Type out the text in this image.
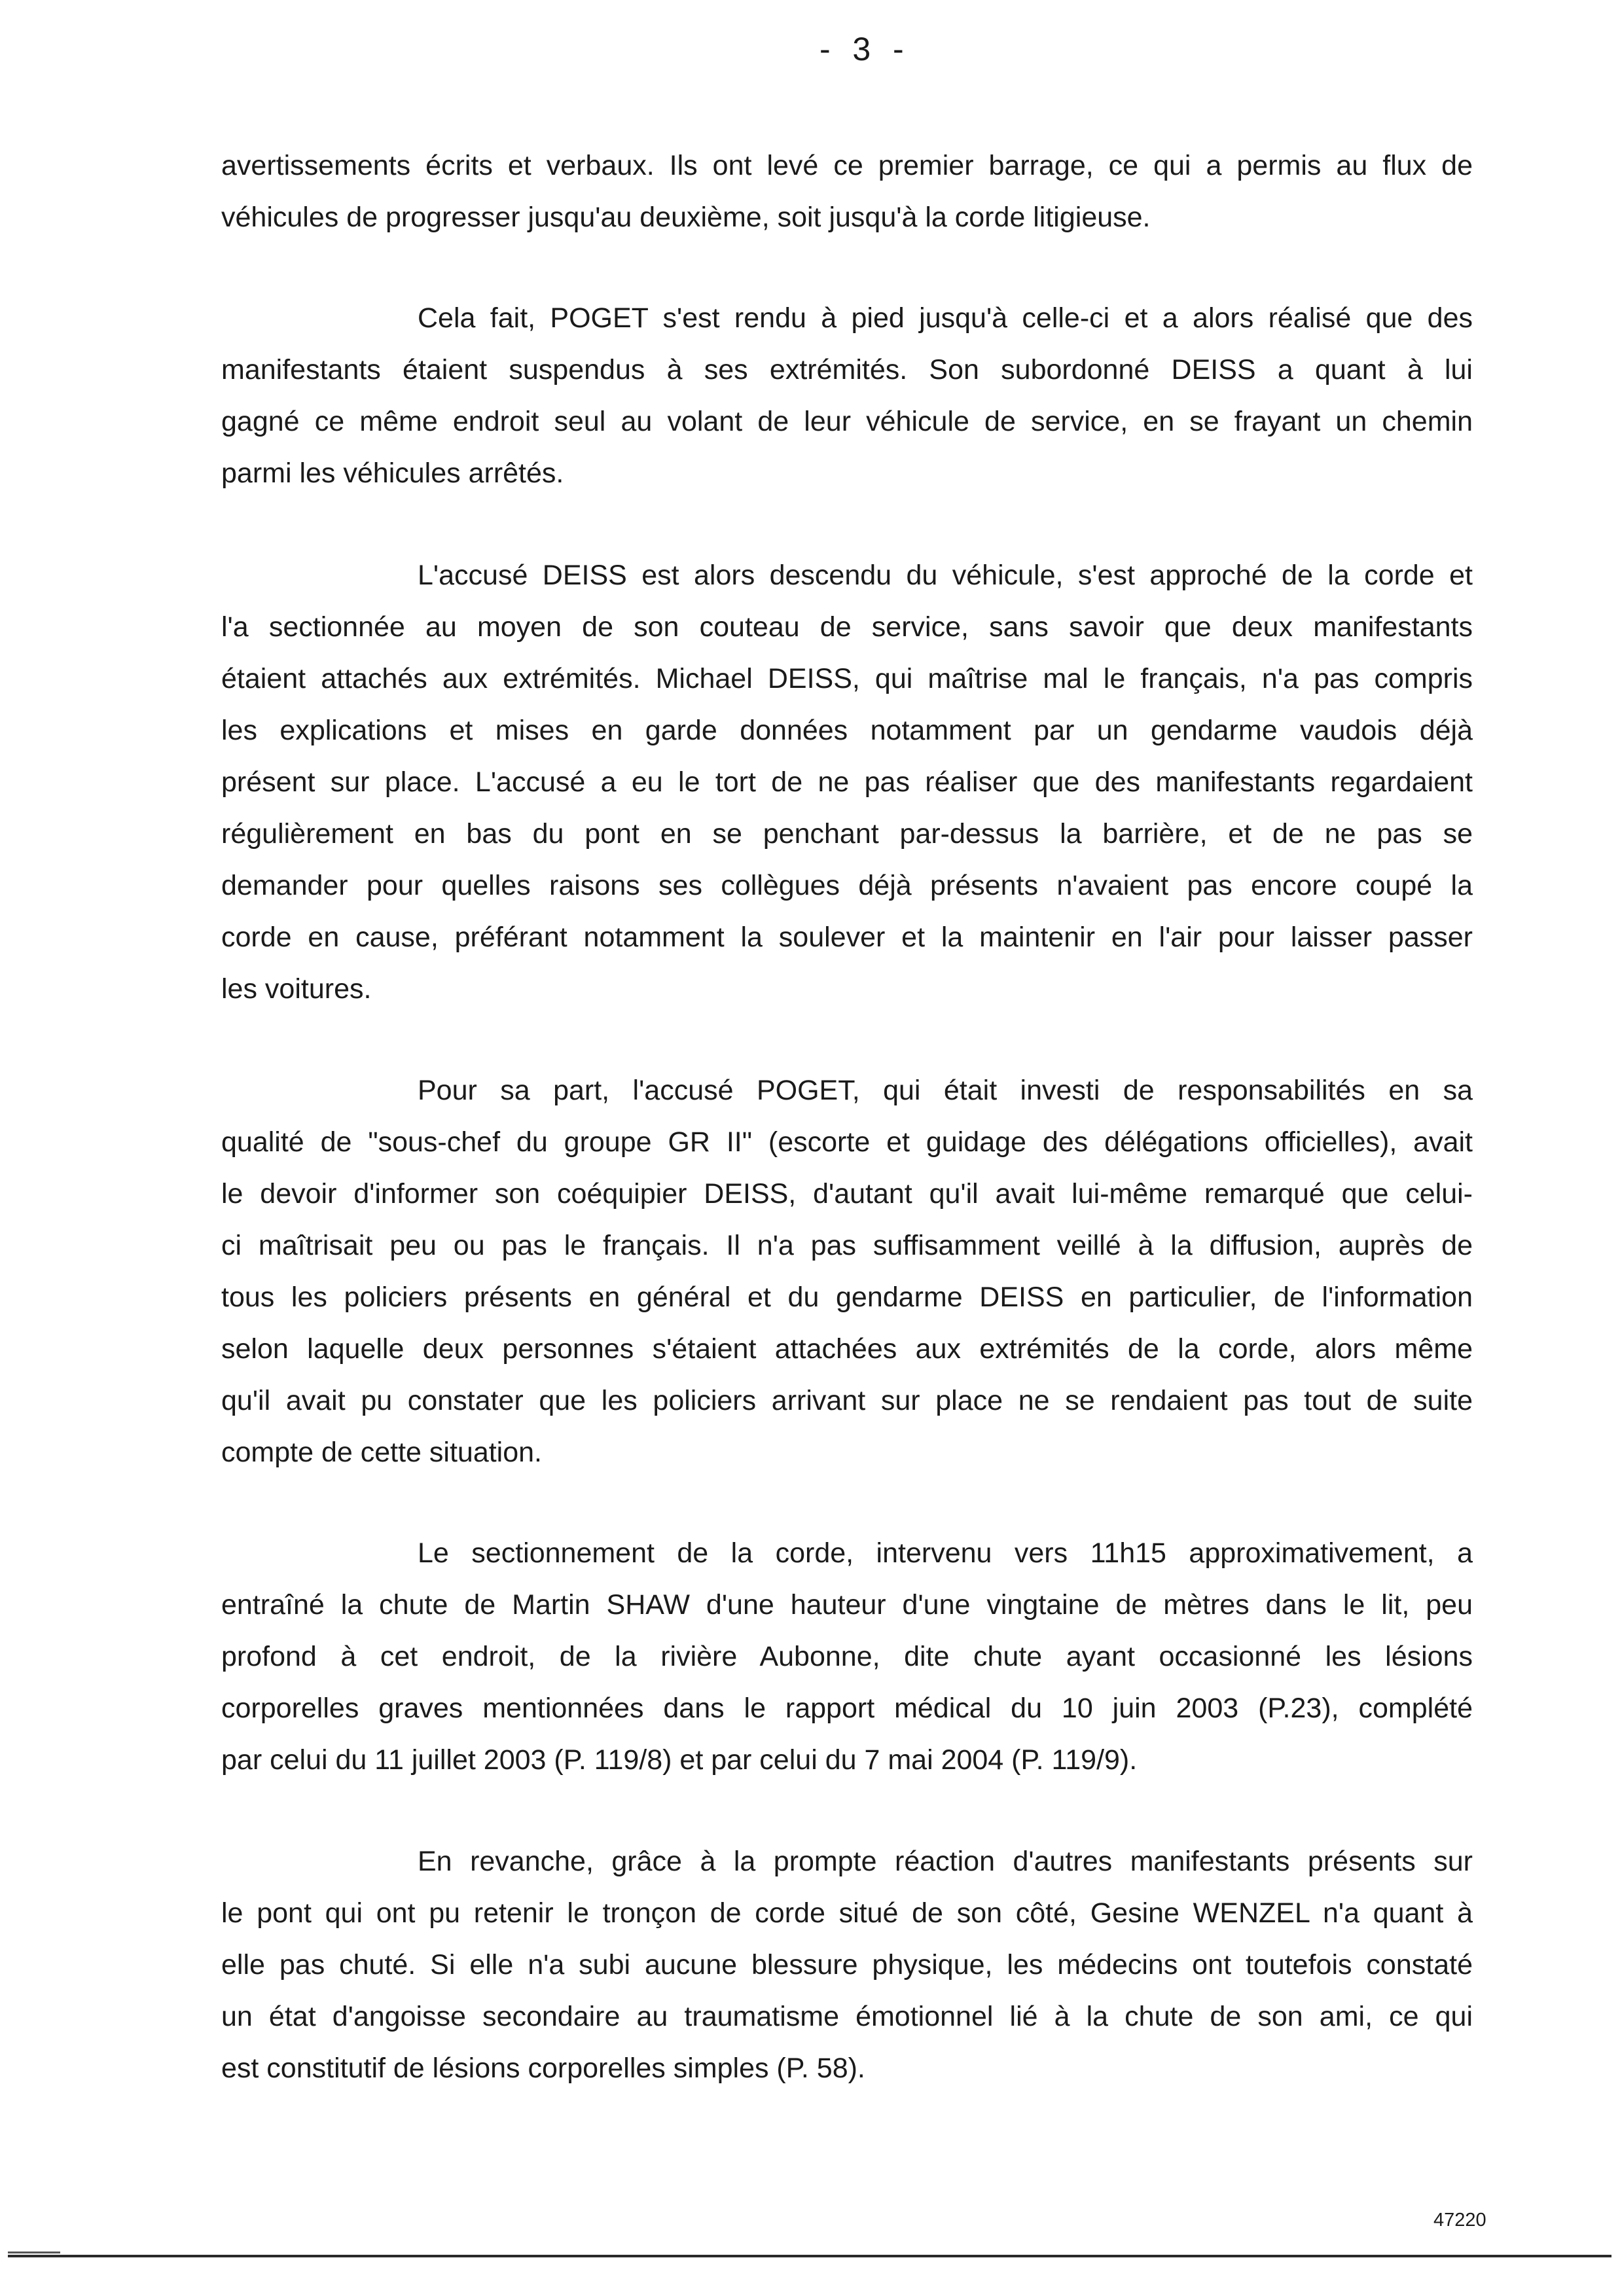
-  3  -

avertissements écrits et verbaux. Ils ont levé ce premier barrage, ce qui a permis au flux de
véhicules de progresser jusqu'au deuxième, soit jusqu'à la corde litigieuse.

Cela fait, POGET s'est rendu à pied jusqu'à celle-ci et a alors réalisé que des
manifestants étaient suspendus à ses extrémités. Son subordonné DEISS a quant à lui
gagné ce même endroit seul au volant de leur véhicule de service, en se frayant un chemin
parmi les véhicules arrêtés.

L'accusé DEISS est alors descendu du véhicule, s'est approché de la corde et
l'a sectionnée au moyen de son couteau de service, sans savoir que deux manifestants
étaient attachés aux extrémités. Michael DEISS, qui maîtrise mal le français, n'a pas compris
les explications et mises en garde données notamment par un gendarme vaudois déjà
présent sur place. L'accusé a eu le tort de ne pas réaliser que des manifestants regardaient
régulièrement en bas du pont en se penchant par-dessus la barrière, et de ne pas se
demander pour quelles raisons ses collègues déjà présents n'avaient pas encore coupé la
corde en cause, préférant notamment la soulever et la maintenir en l'air pour laisser passer
les voitures.

Pour sa part, l'accusé POGET, qui était investi de responsabilités en sa
qualité de "sous-chef du groupe GR II" (escorte et guidage des délégations officielles), avait
le devoir d'informer son coéquipier DEISS, d'autant qu'il avait lui-même remarqué que celui-
ci maîtrisait peu ou pas le français. Il n'a pas suffisamment veillé à la diffusion, auprès de
tous les policiers présents en général et du gendarme DEISS en particulier, de l'information
selon laquelle deux personnes s'étaient attachées aux extrémités de la corde, alors même
qu'il avait pu constater que les policiers arrivant sur place ne se rendaient pas tout de suite
compte de cette situation.

Le sectionnement de la corde, intervenu vers 11h15 approximativement, a
entraîné la chute de Martin SHAW d'une hauteur d'une vingtaine de mètres dans le lit, peu
profond à cet endroit, de la rivière Aubonne, dite chute ayant occasionné les lésions
corporelles graves mentionnées dans le rapport médical du 10 juin 2003 (P.23), complété
par celui du 11 juillet 2003 (P. 119/8) et par celui du 7 mai 2004 (P. 119/9).

En revanche, grâce à la prompte réaction d'autres manifestants présents sur
le pont qui ont pu retenir le tronçon de corde situé de son côté, Gesine WENZEL n'a quant à
elle pas chuté. Si elle n'a subi aucune blessure physique, les médecins ont toutefois constaté
un état d'angoisse secondaire au traumatisme émotionnel lié à la chute de son ami, ce qui
est constitutif de lésions corporelles simples (P. 58).

47220
